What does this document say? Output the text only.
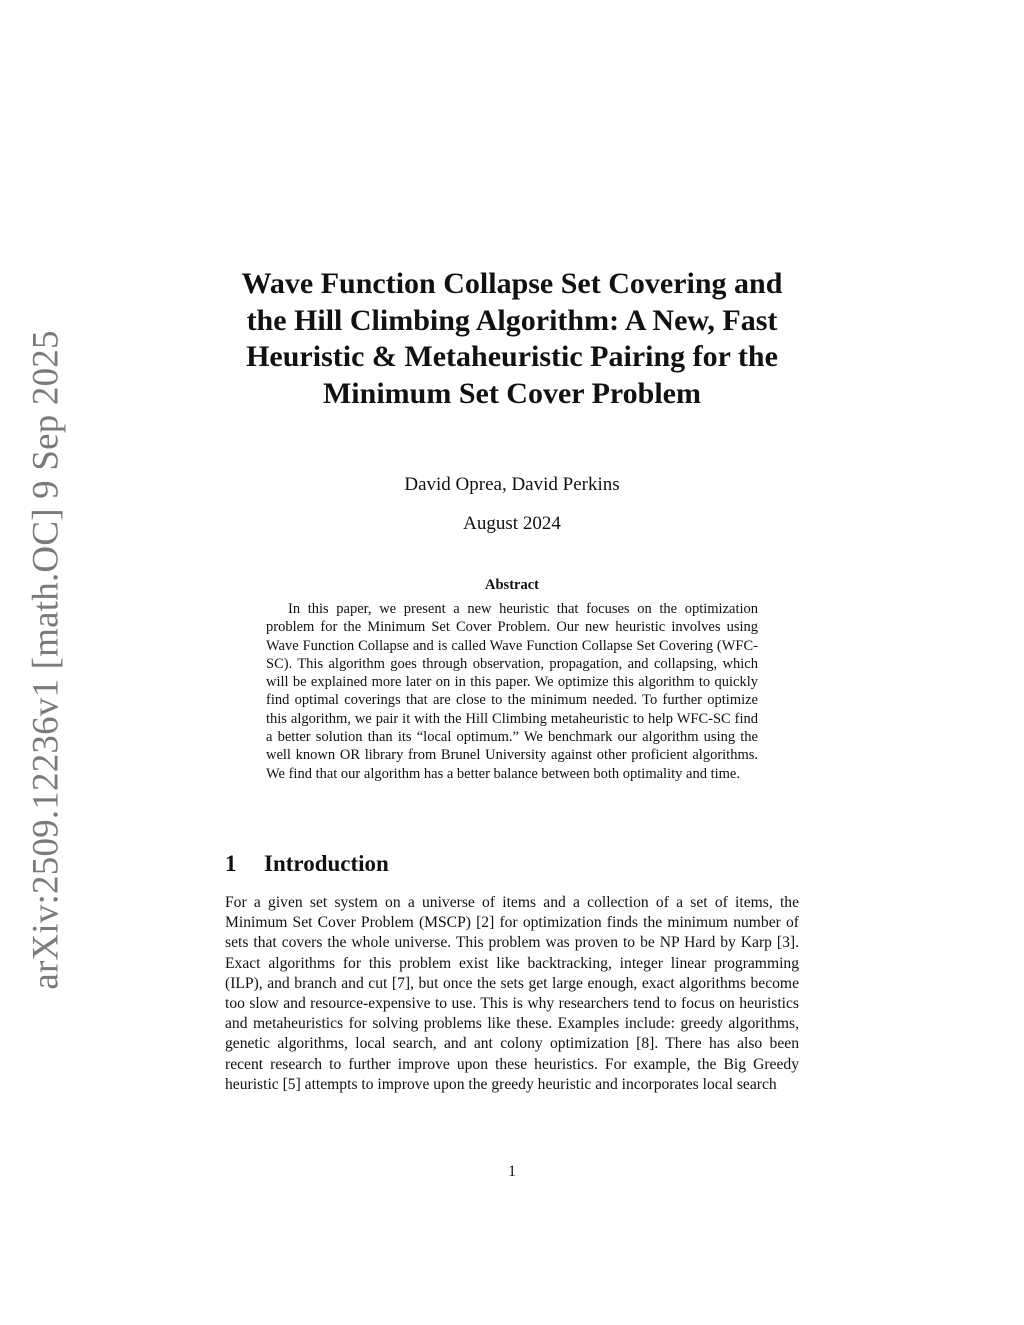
arXiv:2509.12236v1 [math.OC] 9 Sep 2025
Wave Function Collapse Set Covering and the Hill Climbing Algorithm: A New, Fast Heuristic & Metaheuristic Pairing for the Minimum Set Cover Problem
David Oprea, David Perkins
August 2024
Abstract

In this paper, we present a new heuristic that focuses on the optimization problem for the Minimum Set Cover Problem. Our new heuristic involves using Wave Function Collapse and is called Wave Function Collapse Set Covering (WFC-SC). This algorithm goes through observation, propagation, and collapsing, which will be explained more later on in this paper. We optimize this algorithm to quickly find optimal coverings that are close to the minimum needed. To further optimize this algorithm, we pair it with the Hill Climbing metaheuristic to help WFC-SC find a better solution than its “local optimum.” We benchmark our algorithm using the well known OR library from Brunel University against other proficient algorithms. We find that our algorithm has a better balance between both optimality and time.

1 Introduction

For a given set system on a universe of items and a collection of a set of items, the Minimum Set Cover Problem (MSCP) [2] for optimization finds the minimum number of sets that covers the whole universe. This problem was proven to be NP Hard by Karp [3]. Exact algorithms for this problem exist like backtracking, integer linear programming (ILP), and branch and cut [7], but once the sets get large enough, exact algorithms become too slow and resource-expensive to use. This is why researchers tend to focus on heuristics and metaheuristics for solving problems like these. Examples include: greedy algorithms, genetic algorithms, local search, and ant colony optimization [8]. There has also been recent research to further improve upon these heuristics. For example, the Big Greedy heuristic [5] attempts to improve upon the greedy heuristic and incorporates local search

1
